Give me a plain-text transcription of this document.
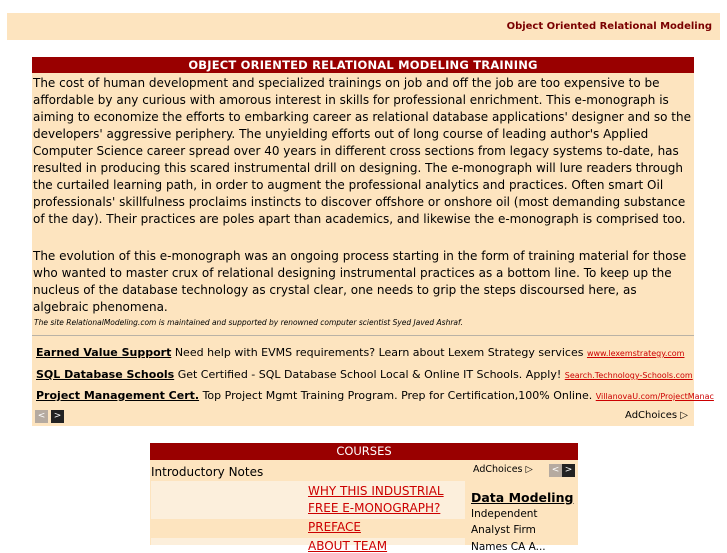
Object Oriented Relational Modeling
OBJECT ORIENTED RELATIONAL MODELING TRAINING

The cost of human development and specialized trainings on job and off the job are too expensive to be affordable by any curious with amorous interest in skills for professional enrichment. This e-monograph is aiming to economize the efforts to embarking career as relational database applications' designer and so the developers' aggressive periphery. The unyielding efforts out of long course of leading author's Applied Computer Science career spread over 40 years in different cross sections from legacy systems to-date, has resulted in producing this scared instrumental drill on designing. The e-monograph will lure readers through the curtailed learning path, in order to augment the professional analytics and practices. Often smart Oil professionals' skillfulness proclaims instincts to discover offshore or onshore oil (most demanding substance of the day). Their practices are poles apart than academics, and likewise the e-monograph is comprised too.

The evolution of this e-monograph was an ongoing process starting in the form of training material for those who wanted to master crux of relational designing instrumental practices as a bottom line. To keep up the nucleus of the database technology as crystal clear, one needs to grip the steps discoursed here, as algebraic phenomena.

The site RelationalModeling.com is maintained and supported by renowned computer scientist Syed Javed Ashraf.
Earned Value Support Need help with EVMS requirements? Learn about Lexem Strategy services www.lexemstrategy.com
SQL Database Schools Get Certified - SQL Database School Local & Online IT Schools. Apply! Search.Technology-Schools.com
Project Management Cert. Top Project Mgmt Training Program. Prep for Certification,100% Online. VillanovaU.com/ProjectManac
< >	AdChoices ▷
COURSES
Introductory Notes	AdChoices ▷	< >
WHY THIS INDUSTRIAL
FREE E-MONOGRAPH?
PREFACE
ABOUT TEAM
Data Modeling
Independent
Analyst Firm
Names CA A...
